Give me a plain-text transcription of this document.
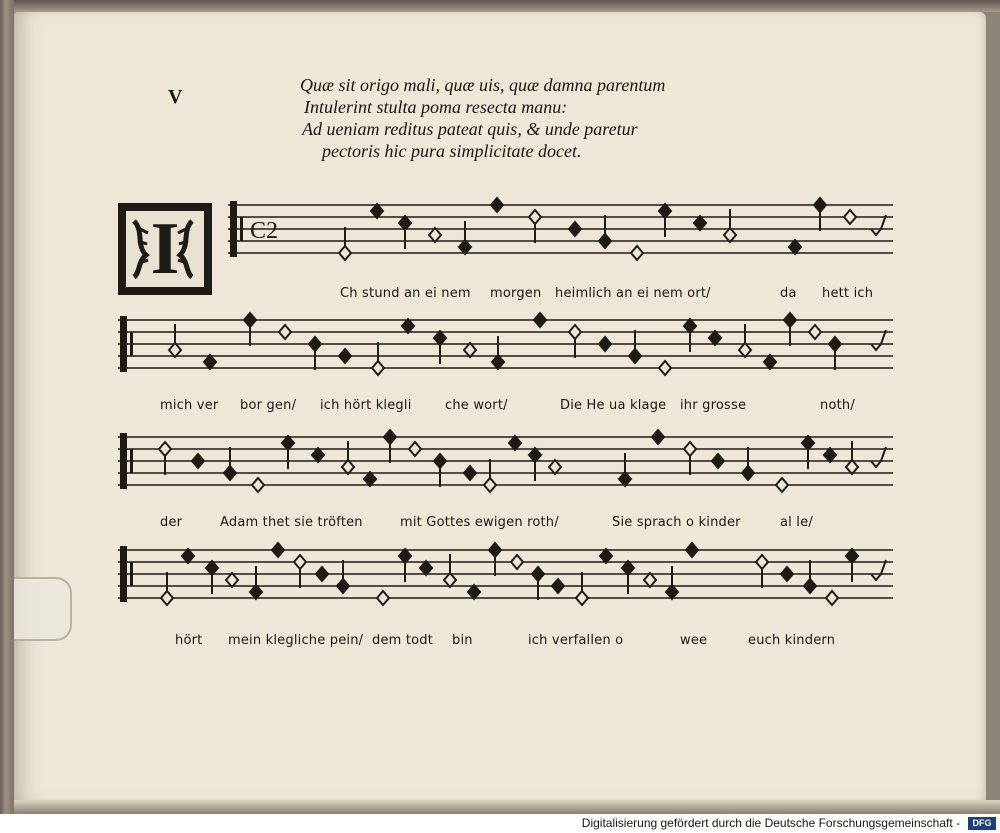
V
Quæ sit origo mali, quæ uis, quæ damna parentum
Intulerint stulta poma resecta manu:
Ad ueniam reditus pateat quis, & unde paretur
pectoris hic pura simplicitate docet.
I	C2
Ch stund an ei nem morgen heimlich an ei nem ort/	da hett ich
mich ver bor gen/ ich hört klegli	che wort/	Die He ua klage ihr grosse	noth/
der	Adam thet sie tröften	mit Gottes ewigen roth/	Sie sprach o kinder	al le/
hört mein klegliche pein/ dem todt bin	ich verfallen o	wee	euch kindern
Digitalisierung gefördert durch die Deutsche Forschungsgemeinschaft -	DFG
